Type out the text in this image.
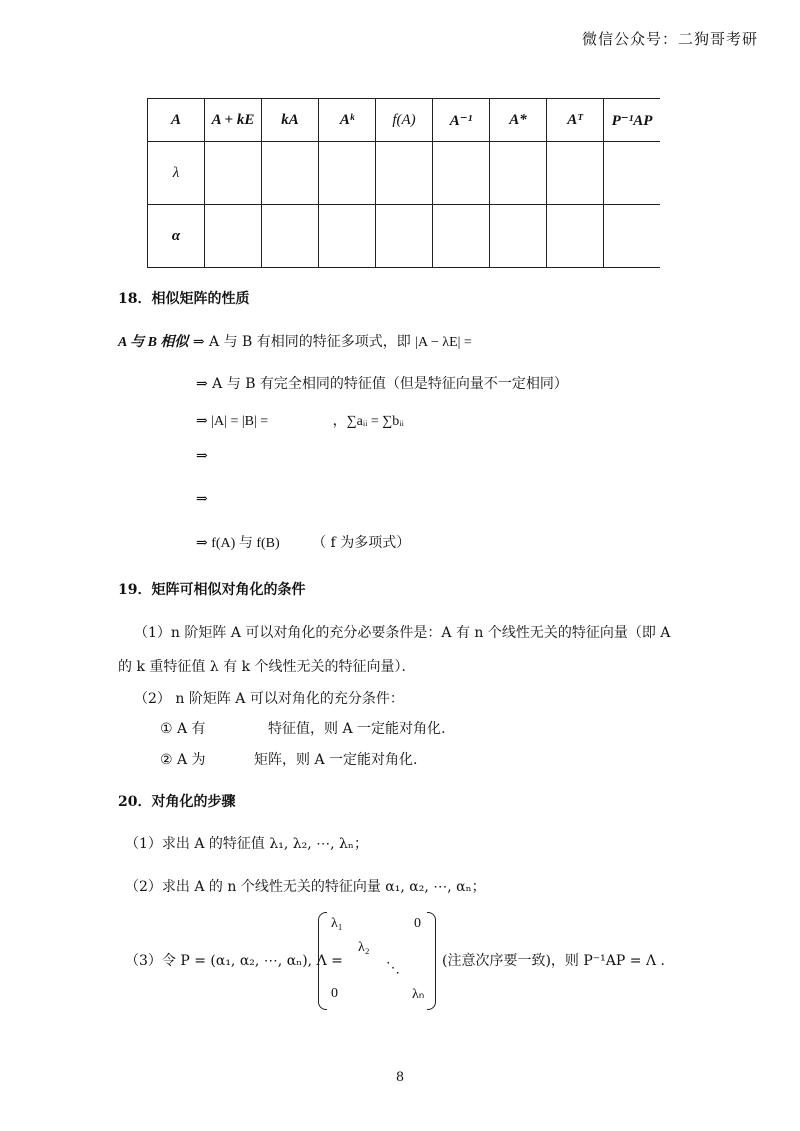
微信公众号：二狗哥考研
A	A + kE	kA	Aᵏ	f(A)	A⁻¹	A*	Aᵀ	P⁻¹AP
λ								
α								
18．相似矩阵的性质
A 与 B 相似 ⇒ A 与 B 有相同的特征多项式，即 |A − λE| =
⇒ A 与 B 有完全相同的特征值（但是特征向量不一定相同）
⇒ |A| = |B| =	，∑aᵢᵢ = ∑bᵢᵢ
⇒
⇒
⇒ f(A) 与 f(B) （ f 为多项式）
19．矩阵可相似对角化的条件
（1）n 阶矩阵 A 可以对角化的充分必要条件是：A 有 n 个线性无关的特征向量（即 A
的 k 重特征值 λ 有 k 个线性无关的特征向量）．
（2） n 阶矩阵 A 可以对角化的充分条件：
① A 有	特征值，则 A 一定能对角化.
② A 为	矩阵，则 A 一定能对角化.
20．对角化的步骤
（1）求出 A 的特征值 λ₁, λ₂, ⋯, λₙ；
（2）求出 A 的 n 个线性无关的特征向量 α₁, α₂, ⋯, αₙ；
（3）令 P = (α₁, α₂, ⋯, αₙ), Λ =
λ₁	0
λ₂
⋱
0	λₙ
(注意次序要一致)，则 P⁻¹AP = Λ .
8
